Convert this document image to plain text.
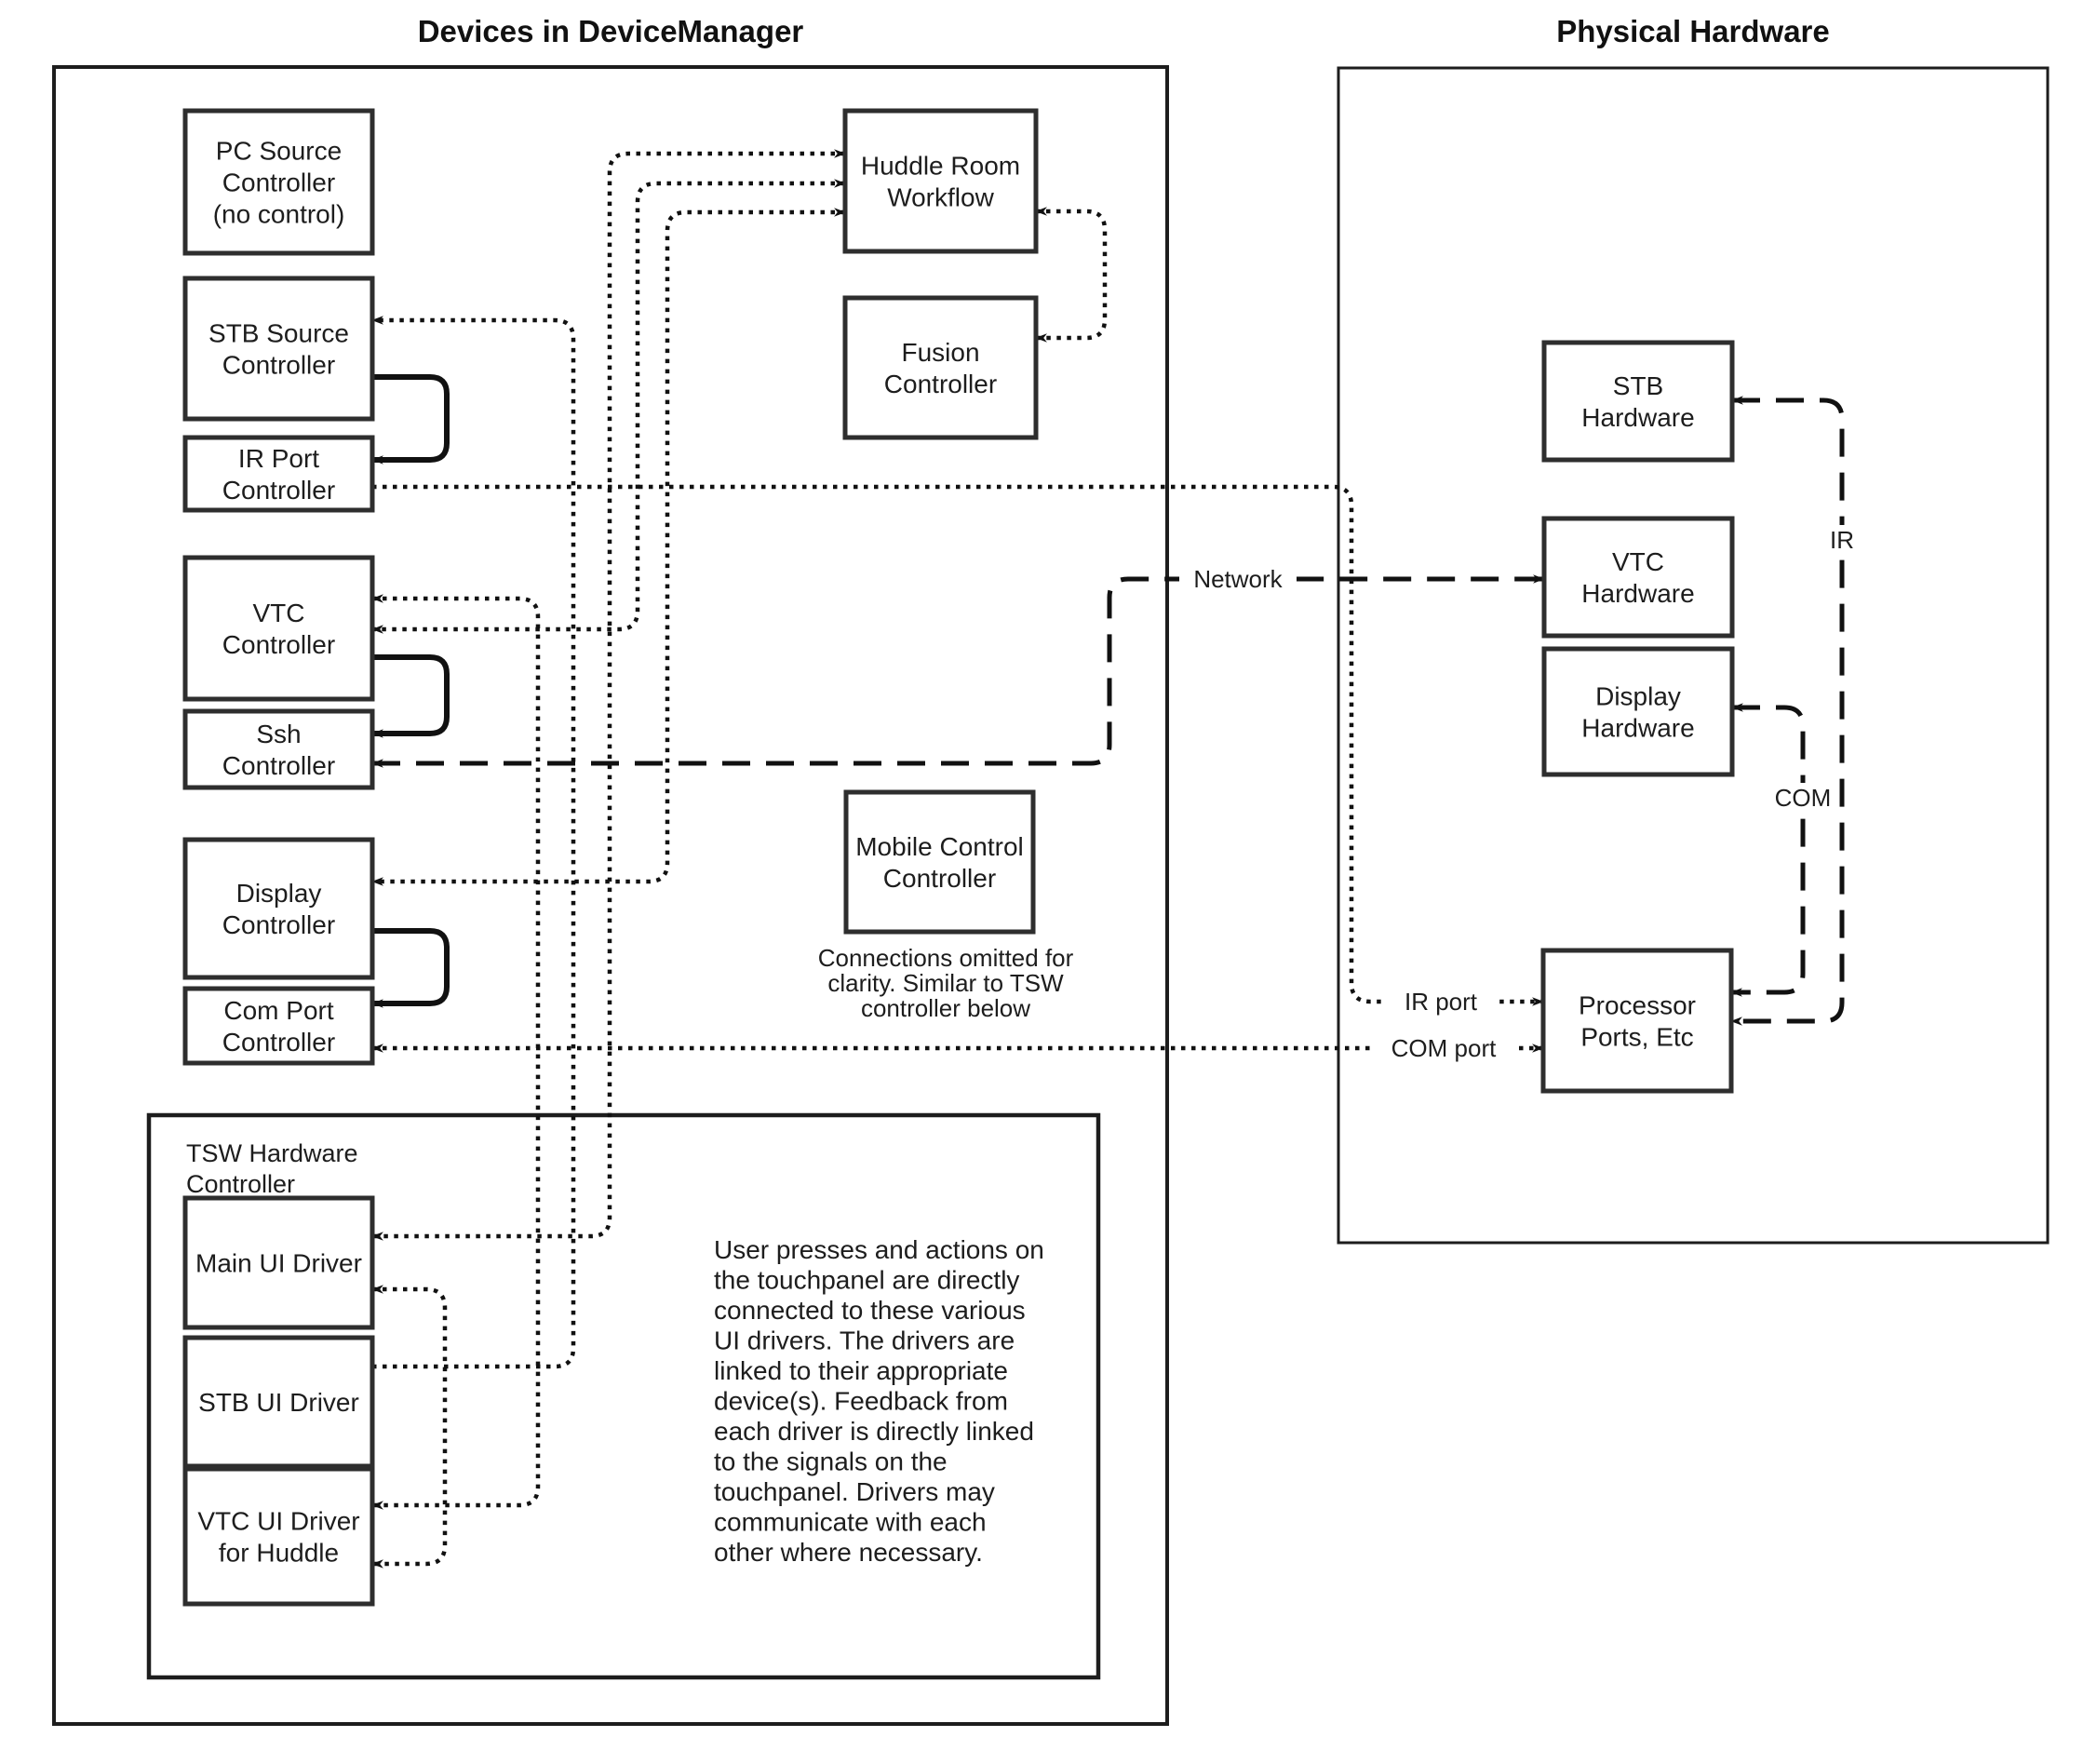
TSW Hardware
Controller
PC Source
Controller
(no control)
STB Source
Controller
IR Port
Controller
VTC
Controller
Ssh
Controller
Display
Controller
Com Port
Controller
Huddle Room
Workflow
Fusion
Controller
Mobile Control
Controller
Main UI Driver
STB UI Driver
VTC UI Driver
for Huddle
STB
Hardware
VTC
Hardware
Display
Hardware
Processor
Ports, Etc
Network
IR
COM
IR port
COM port
Connections omitted for
clarity. Similar to TSW
controller below
User presses and actions on
the touchpanel are directly
connected to these various
UI drivers. The drivers are
linked to their appropriate
device(s). Feedback from
each driver is directly linked
to the signals on the
touchpanel. Drivers may
communicate with each
other where necessary.
Devices in DeviceManager	Physical Hardware
